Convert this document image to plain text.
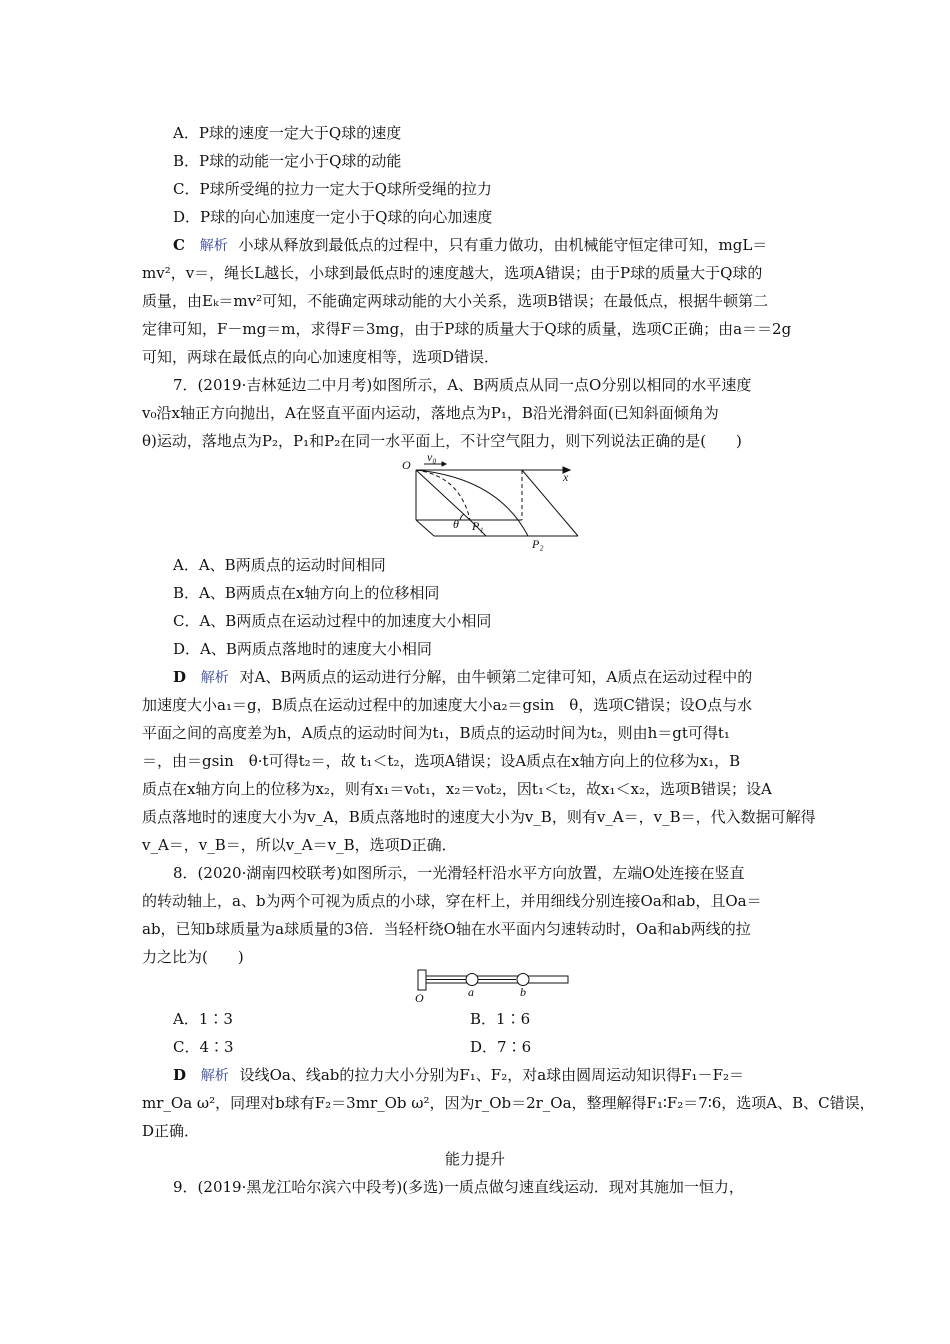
A．P球的速度一定大于Q球的速度
B．P球的动能一定小于Q球的动能
C．P球所受绳的拉力一定大于Q球所受绳的拉力
D．P球的向心加速度一定小于Q球的向心加速度
C 解析 小球从释放到最低点的过程中，只有重力做功，由机械能守恒定律可知，mgL＝
mv²，v＝，绳长L越长，小球到最低点时的速度越大，选项A错误；由于P球的质量大于Q球的
质量，由Eₖ＝mv²可知，不能确定两球动能的大小关系，选项B错误；在最低点，根据牛顿第二
定律可知，F－mg＝m，求得F＝3mg，由于P球的质量大于Q球的质量，选项C正确；由a＝＝2g
可知，两球在最低点的向心加速度相等，选项D错误．
7．(2019·吉林延边二中月考)如图所示，A、B两质点从同一点O分别以相同的水平速度
v₀沿x轴正方向抛出，A在竖直平面内运动，落地点为P₁，B沿光滑斜面(已知斜面倾角为
θ)运动，落地点为P₂，P₁和P₂在同一水平面上，不计空气阻力，则下列说法正确的是(　　)
O
v₀
x
θ P₁
P₂
A．A、B两质点的运动时间相同
B．A、B两质点在x轴方向上的位移相同
C．A、B两质点在运动过程中的加速度大小相同
D．A、B两质点落地时的速度大小相同
D 解析 对A、B两质点的运动进行分解，由牛顿第二定律可知，A质点在运动过程中的
加速度大小a₁＝g，B质点在运动过程中的加速度大小a₂＝gsin　θ，选项C错误；设O点与水
平面之间的高度差为h，A质点的运动时间为t₁，B质点的运动时间为t₂，则由h＝gt可得t₁
＝，由＝gsin　θ·t可得t₂＝，故 t₁＜t₂，选项A错误；设A质点在x轴方向上的位移为x₁，B
质点在x轴方向上的位移为x₂，则有x₁＝v₀t₁，x₂＝v₀t₂，因t₁＜t₂，故x₁＜x₂，选项B错误；设A
质点落地时的速度大小为v_A，B质点落地时的速度大小为v_B，则有v_A＝，v_B＝，代入数据可解得
v_A＝，v_B＝，所以v_A＝v_B，选项D正确．
8．(2020·湖南四校联考)如图所示，一光滑轻杆沿水平方向放置，左端O处连接在竖直
的转动轴上，a、b为两个可视为质点的小球，穿在杆上，并用细线分别连接Oa和ab，且Oa＝
ab，已知b球质量为a球质量的3倍．当轻杆绕O轴在水平面内匀速转动时，Oa和ab两线的拉
力之比为(　　)
O	a	b
A．1∶3	B．1∶6
C．4∶3	D．7∶6
D 解析 设线Oa、线ab的拉力大小分别为F₁、F₂，对a球由圆周运动知识得F₁－F₂＝
mr_Oa ω²，同理对b球有F₂＝3mr_Ob ω²，因为r_Ob＝2r_Oa，整理解得F₁∶F₂＝7∶6，选项A、B、C错误，
D正确．
能力提升
9．(2019·黑龙江哈尔滨六中段考)(多选)一质点做匀速直线运动．现对其施加一恒力，
